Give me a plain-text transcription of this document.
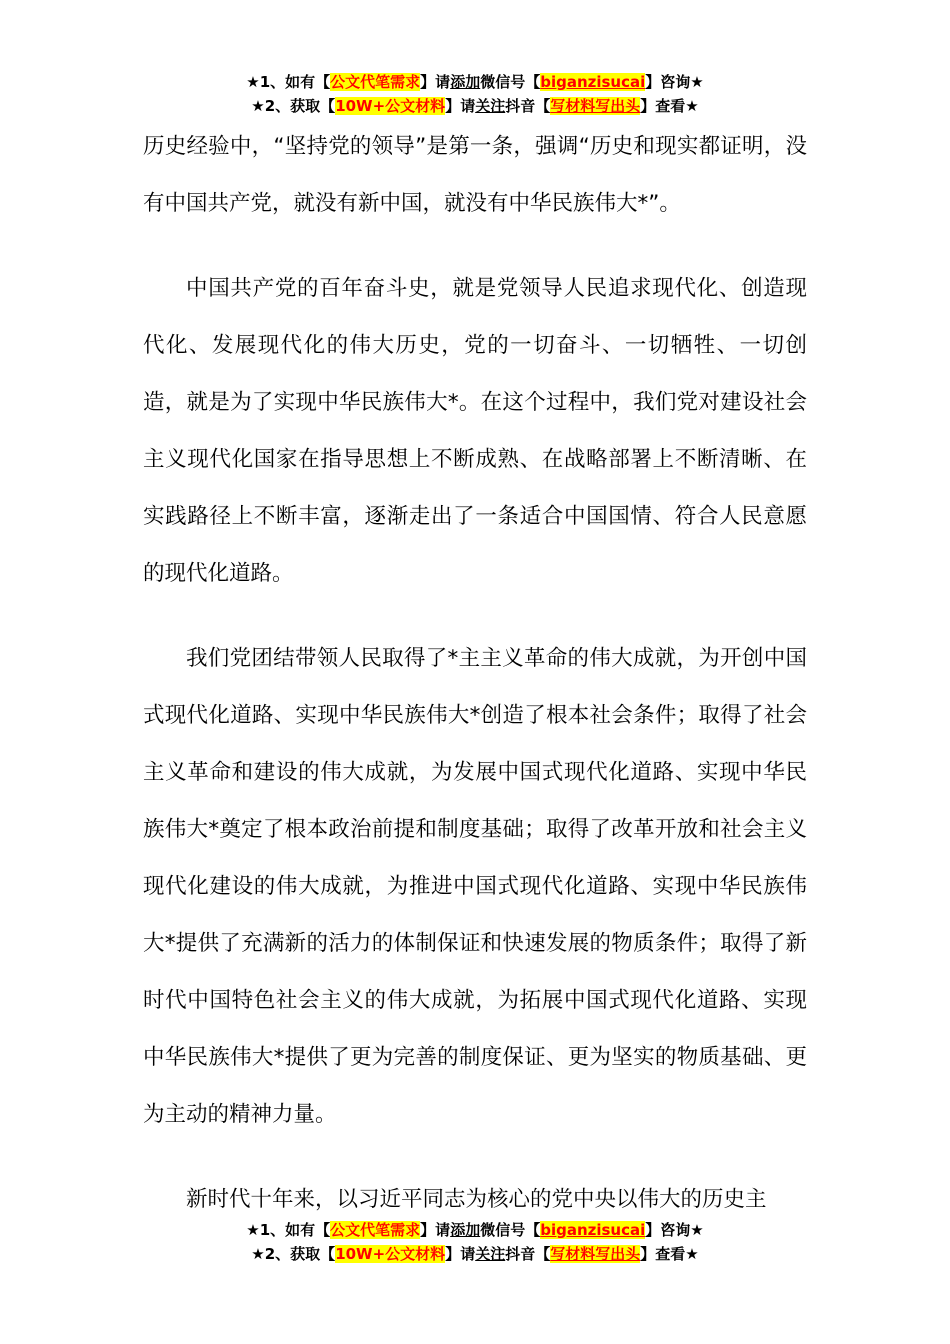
★1、如有【公文代笔需求】请添加微信号【biganzisucai】咨询★
★2、获取【10W+公文材料】请关注抖音【写材料写出头】查看★

历史经验中，“坚持党的领导”是第一条，强调“历史和现实都证明，没有中国共产党，就没有新中国，就没有中华民族伟大*”。

中国共产党的百年奋斗史，就是党领导人民追求现代化、创造现代化、发展现代化的伟大历史，党的一切奋斗、一切牺牲、一切创造，就是为了实现中华民族伟大*。在这个过程中，我们党对建设社会主义现代化国家在指导思想上不断成熟、在战略部署上不断清晰、在实践路径上不断丰富，逐渐走出了一条适合中国国情、符合人民意愿的现代化道路。

我们党团结带领人民取得了*主主义革命的伟大成就，为开创中国式现代化道路、实现中华民族伟大*创造了根本社会条件；取得了社会主义革命和建设的伟大成就，为发展中国式现代化道路、实现中华民族伟大*奠定了根本政治前提和制度基础；取得了改革开放和社会主义现代化建设的伟大成就，为推进中国式现代化道路、实现中华民族伟大*提供了充满新的活力的体制保证和快速发展的物质条件；取得了新时代中国特色社会主义的伟大成就，为拓展中国式现代化道路、实现中华民族伟大*提供了更为完善的制度保证、更为坚实的物质基础、更为主动的精神力量。

新时代十年来，以习近平同志为核心的党中央以伟大的历史主

★1、如有【公文代笔需求】请添加微信号【biganzisucai】咨询★
★2、获取【10W+公文材料】请关注抖音【写材料写出头】查看★
